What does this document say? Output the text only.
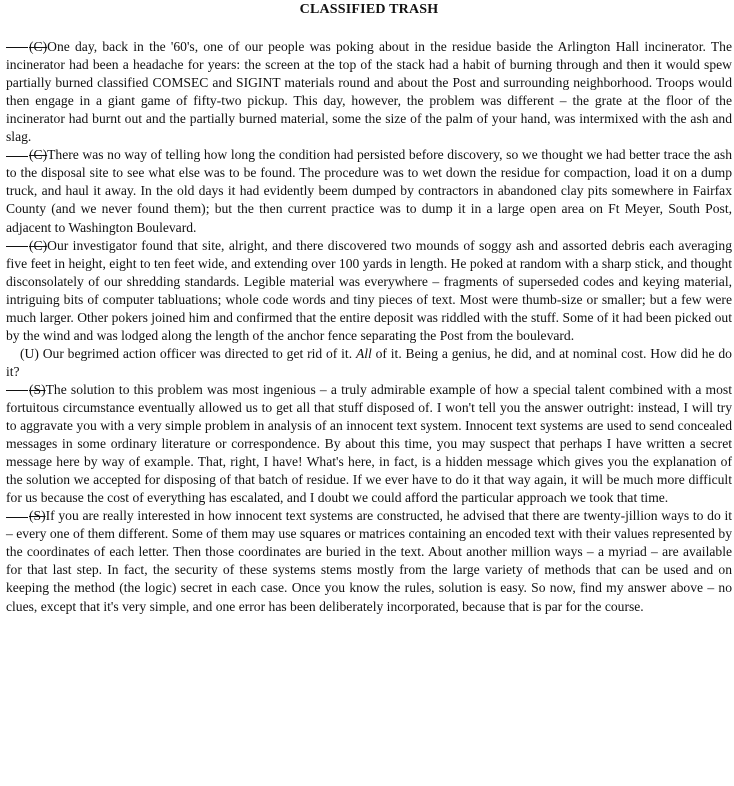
CLASSIFIED TRASH

(C)One day, back in the '60's, one of our people was poking about in the residue baside the Arlington Hall incinerator. The incinerator had been a headache for years: the screen at the top of the stack had a habit of burning through and then it would spew partially burned classified COMSEC and SIGINT materials round and about the Post and surrounding neighborhood. Troops would then engage in a giant game of fifty-two pickup. This day, however, the problem was different – the grate at the floor of the incinerator had burnt out and the partially burned material, some the size of the palm of your hand, was intermixed with the ash and slag.

(C)There was no way of telling how long the condition had persisted before discovery, so we thought we had better trace the ash to the disposal site to see what else was to be found. The procedure was to wet down the residue for compaction, load it on a dump truck, and haul it away. In the old days it had evidently beem dumped by contractors in abandoned clay pits somewhere in Fairfax County (and we never found them); but the then current practice was to dump it in a large open area on Ft Meyer, South Post, adjacent to Washington Boulevard.

(C)Our investigator found that site, alright, and there discovered two mounds of soggy ash and assorted debris each averaging five feet in height, eight to ten feet wide, and extending over 100 yards in length. He poked at random with a sharp stick, and thought disconsolately of our shredding standards. Legible material was everywhere – fragments of superseded codes and keying material, intriguing bits of computer tabluations; whole code words and tiny pieces of text. Most were thumb-size or smaller; but a few were much larger. Other pokers joined him and confirmed that the entire deposit was riddled with the stuff. Some of it had been picked out by the wind and was lodged along the length of the anchor fence separating the Post from the boulevard.

(U) Our begrimed action officer was directed to get rid of it. All of it. Being a genius, he did, and at nominal cost. How did he do it?

(S)The solution to this problem was most ingenious – a truly admirable example of how a special talent combined with a most fortuitous circumstance eventually allowed us to get all that stuff disposed of. I won't tell you the answer outright: instead, I will try to aggravate you with a very simple problem in analysis of an innocent text system. Innocent text systems are used to send concealed messages in some ordinary literature or correspondence. By about this time, you may suspect that perhaps I have written a secret message here by way of example. That, right, I have! What's here, in fact, is a hidden message which gives you the explanation of the solution we accepted for disposing of that batch of residue. If we ever have to do it that way again, it will be much more difficult for us because the cost of everything has escalated, and I doubt we could afford the particular approach we took that time.

(S)If you are really interested in how innocent text systems are constructed, he advised that there are twenty-jillion ways to do it – every one of them different. Some of them may use squares or matrices containing an encoded text with their values represented by the coordinates of each letter. Then those coordinates are buried in the text. About another million ways – a myriad – are available for that last step. In fact, the security of these systems stems mostly from the large variety of methods that can be used and on keeping the method (the logic) secret in each case. Once you know the rules, solution is easy. So now, find my answer above – no clues, except that it's very simple, and one error has been deliberately incorporated, because that is par for the course.
